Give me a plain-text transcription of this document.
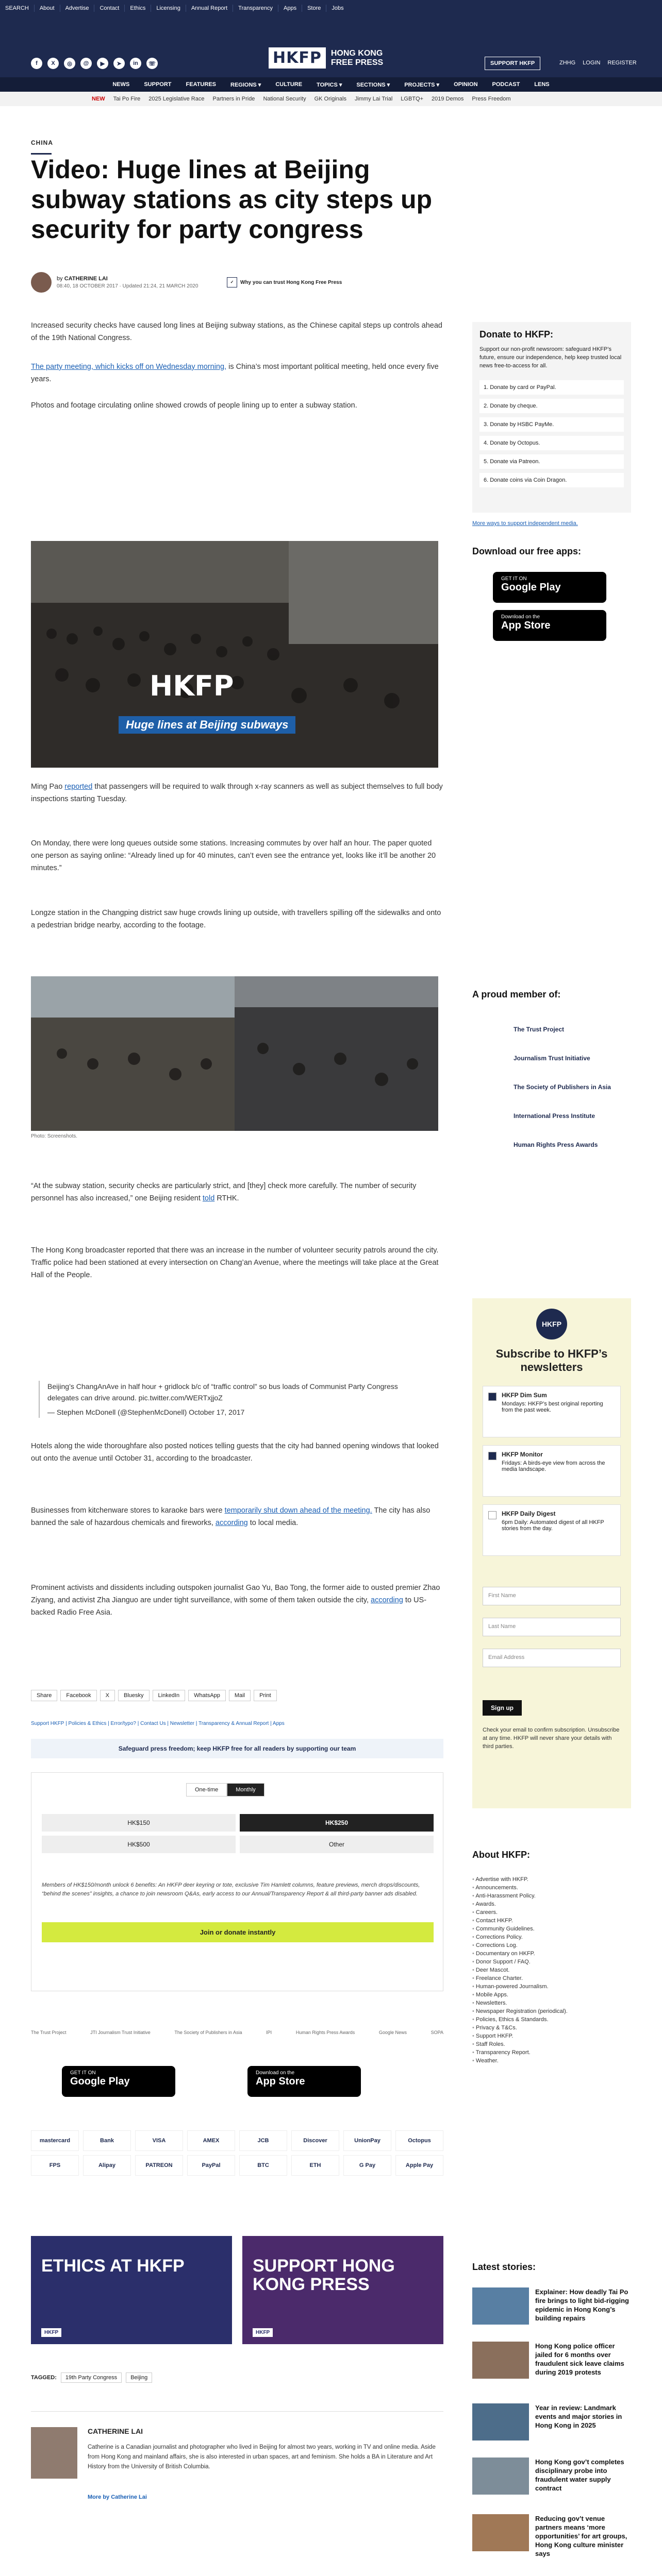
SEARCH	About	Advertise	Contact	Ethics	Licensing	Annual Report	Transparency	Apps	Store	Jobs
f	X	◎	@	▶	➤	in	☏	HKFP	HONG KONG
FREE PRESS	SUPPORT HKFP	ZHHG LOGIN REGISTER
NEWS	SUPPORT	FEATURES	REGIONS ▾	CULTURE	TOPICS ▾	SECTIONS ▾	PROJECTS ▾	OPINION	PODCAST	LENS
NEW	Tai Po Fire	2025 Legislative Race	Partners in Pride	National Security	GK Originals	Jimmy Lai Trial	LGBTQ+	2019 Demos	Press Freedom
CHINA
Video: Huge lines at Beijing subway stations as city steps up security for party congress
by CATHERINE LAI
08:40, 18 OCTOBER 2017 · Updated 21:24, 21 MARCH 2020
✓	Why you can trust Hong Kong Free Press

Increased security checks have caused long lines at Beijing subway stations, as the Chinese capital steps up controls ahead of the 19th National Congress.

The party meeting, which kicks off on Wednesday morning, is China’s most important political meeting, held once every five years.

Photos and footage circulating online showed crowds of people lining up to enter a subway station.

HKFP
Huge lines at Beijing subways

Ming Pao reported that passengers will be required to walk through x-ray scanners as well as subject themselves to full body inspections starting Tuesday.

On Monday, there were long queues outside some stations. Increasing commutes by over half an hour. The paper quoted one person as saying online: “Already lined up for 40 minutes, can’t even see the entrance yet, looks like it’ll be another 20 minutes.”

Longze station in the Changping district saw huge crowds lining up outside, with travellers spilling off the sidewalks and onto a pedestrian bridge nearby, according to the footage.

Photo: Screenshots.

“At the subway station, security checks are particularly strict, and [they] check more carefully. The number of security personnel has also increased,” one Beijing resident told RTHK.

The Hong Kong broadcaster reported that there was an increase in the number of volunteer security patrols around the city. Traffic police had been stationed at every intersection on Chang’an Avenue, where the meetings will take place at the Great Hall of the People.

Beijing’s ChangAnAve in half hour + gridlock b/c of “traffic control” so bus loads of Communist Party Congress delegates can drive around. pic.twitter.com/WERTxjjoZ
— Stephen McDonell (@StephenMcDonell) October 17, 2017

Hotels along the wide thoroughfare also posted notices telling guests that the city had banned opening windows that looked out onto the avenue until October 31, according to the broadcaster.

Businesses from kitchenware stores to karaoke bars were temporarily shut down ahead of the meeting. The city has also banned the sale of hazardous chemicals and fireworks, according to local media.

Prominent activists and dissidents including outspoken journalist Gao Yu, Bao Tong, the former aide to ousted premier Zhao Ziyang, and activist Zha Jianguo are under tight surveillance, with some of them taken outside the city, according to US-backed Radio Free Asia.

Share	Facebook	X	Bluesky	LinkedIn	WhatsApp	Mail	Print
Support HKFP | Policies & Ethics | Error/typo? | Contact Us | Newsletter | Transparency & Annual Report | Apps
Safeguard press freedom; keep HKFP free for all readers by supporting our team
One-time	Monthly
HK$150	HK$250
HK$500	Other
Members of HK$150/month unlock 6 benefits: An HKFP deer keyring or tote, exclusive Tim Hamlett columns, feature previews, merch drops/discounts, “behind the scenes” insights, a chance to join newsroom Q&As, early access to our Annual/Transparency Report & all third-party banner ads disabled.
Join or donate instantly
The Trust Project	JTI Journalism Trust Initiative	The Society of Publishers in Asia	IPI	Human Rights Press Awards	Google News	SOPA
GET IT ON
Google Play
Download on the
App Store
mastercard	Bank	VISA	AMEX	JCB	Discover	UnionPay	Octopus
FPS	Alipay	PATREON	PayPal	BTC	ETH	G Pay	Apple Pay
ETHICS AT HKFP
HKFP
SUPPORT HONG KONG PRESS
HKFP
TAGGED:	19th Party Congress	Beijing
CATHERINE LAI
Catherine is a Canadian journalist and photographer who lived in Beijing for almost two years, working in TV and online media. Aside from Hong Kong and mainland affairs, she is also interested in urban spaces, art and feminism. She holds a BA in Literature and Art History from the University of British Columbia.
More by Catherine Lai
Donate to HKFP:
Support our non-profit newsroom: safeguard HKFP’s future, ensure our independence, help keep trusted local news free-to-access for all.
1. Donate by card or PayPal.
2. Donate by cheque.
3. Donate by HSBC PayMe.
4. Donate by Octopus.
5. Donate via Patreon.
6. Donate coins via Coin Dragon.
More ways to support independent media.
Download our free apps:
GET IT ON
Google Play
Download on the
App Store
A proud member of:
The Trust Project
Journalism Trust Initiative
The Society of Publishers in Asia
International Press Institute
Human Rights Press Awards
HKFP
Subscribe to HKFP’s newsletters
HKFP Dim Sum
Mondays: HKFP’s best original reporting from the past week.
HKFP Monitor
Fridays: A birds-eye view from across the media landscape.
HKFP Daily Digest
6pm Daily: Automated digest of all HKFP stories from the day.
First Name
Last Name
Email Address
Sign up
Check your email to confirm subscription. Unsubscribe at any time. HKFP will never share your details with third parties.
About HKFP:
• Advertise with HKFP.
• Announcements.
• Anti-Harassment Policy.
• Awards.
• Careers.
• Contact HKFP.
• Community Guidelines.
• Corrections Policy.
• Corrections Log.
• Documentary on HKFP.
• Donor Support / FAQ.
• Deer Mascot.
• Freelance Charter.
• Human-powered Journalism.
• Mobile Apps.
• Newsletters.
• Newspaper Registration (periodical).
• Policies, Ethics & Standards.
• Privacy & T&Cs.
• Support HKFP.
• Staff Roles.
• Transparency Report.
• Weather.
Latest stories:
Explainer: How deadly Tai Po fire brings to light bid-rigging epidemic in Hong Kong’s building repairs
Hong Kong police officer jailed for 6 months over fraudulent sick leave claims during 2019 protests
Year in review: Landmark events and major stories in Hong Kong in 2025
Hong Kong gov’t completes disciplinary probe into fraudulent water supply contract
Reducing gov’t venue partners means ‘more opportunities’ for art groups, Hong Kong culture minister says
